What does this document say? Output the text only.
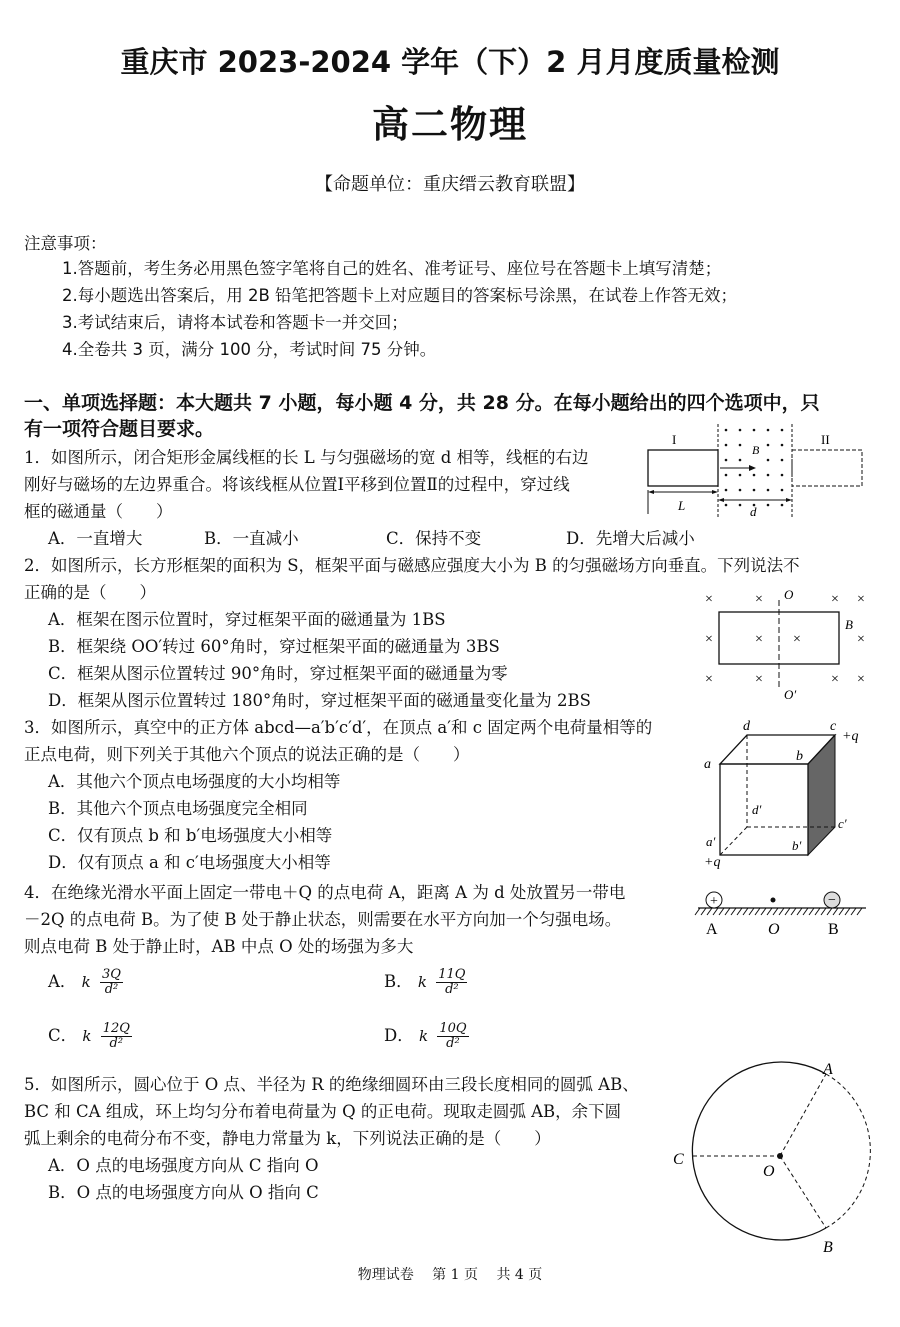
重庆市 2023-2024 学年（下）2 月月度质量检测
高二物理
【命题单位：重庆缙云教育联盟】
注意事项：
1.答题前，考生务必用黑色签字笔将自己的姓名、准考证号、座位号在答题卡上填写清楚；
2.每小题选出答案后，用 2B 铅笔把答题卡上对应题目的答案标号涂黑，在试卷上作答无效；
3.考试结束后，请将本试卷和答题卡一并交回；
4.全卷共 3 页，满分 100 分，考试时间 75 分钟。
一、单项选择题：本大题共 7 小题，每小题 4 分，共 28 分。在每小题给出的四个选项中，只
有一项符合题目要求。
1．如图所示，闭合矩形金属线框的长 L 与匀强磁场的宽 d 相等，线框的右边
刚好与磁场的左边界重合。将该线框从位置Ⅰ平移到位置Ⅱ的过程中，穿过线
框的磁通量（　　）
A．一直增大	B．一直减小	C．保持不变	D．先增大后减小
I	II
B
L	d
2．如图所示，长方形框架的面积为 S，框架平面与磁感应强度大小为 B 的匀强磁场方向垂直。下列说法不
正确的是（　　）
A．框架在图示位置时，穿过框架平面的磁通量为 1BS
B．框架绕 OO′转过 60°角时，穿过框架平面的磁通量为 3BS
C．框架从图示位置转过 90°角时，穿过框架平面的磁通量为零
D．框架从图示位置转过 180°角时，穿过框架平面的磁通量变化量为 2BS
×	×	× ×
×	× ×	×
×	×	× ×
O
O′
B
3．如图所示，真空中的正方体 abcd—a′b′c′d′，在顶点 a′和 c 固定两个电荷量相等的
正点电荷，则下列关于其他六个顶点的说法正确的是（　　）
A．其他六个顶点电场强度的大小均相等
B．其他六个顶点电场强度完全相同
C．仅有顶点 b 和 b′电场强度大小相等
D．仅有顶点 a 和 c′电场强度大小相等
a
b
c
d
+q
a′
+q
b′
c′
d′
4．在绝缘光滑水平面上固定一带电＋Q 的点电荷 A，距离 A 为 d 处放置另一带电
－2Q 的点电荷 B。为了使 B 处于静止状态，则需要在水平方向加一个匀强电场。
则点电荷 B 处于静止时，AB 中点 O 处的场强为多大
A． k $\frac{3Q}{\text{d²}}$	B． k $\frac{11Q}{\text{d²}}$
C． k $\frac{12Q}{\text{d²}}$	D． k $\frac{10Q}{\text{d²}}$
+	−
A	O	B
5．如图所示，圆心位于 O 点、半径为 R 的绝缘细圆环由三段长度相同的圆弧 AB、
BC 和 CA 组成，环上均匀分布着电荷量为 Q 的正电荷。现取走圆弧 AB，余下圆
弧上剩余的电荷分布不变，静电力常量为 k，下列说法正确的是（　　）
A．O 点的电场强度方向从 C 指向 O
B．O 点的电场强度方向从 O 指向 C
A
B
C
O
物理试卷　 第 1 页　 共 4 页
